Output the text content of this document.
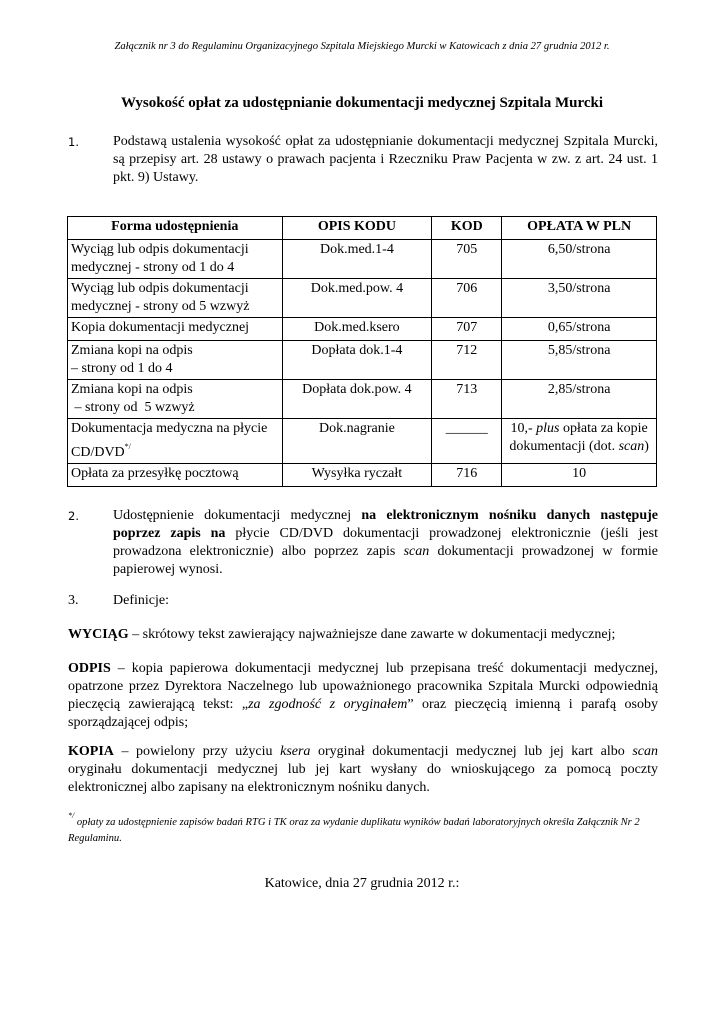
Załącznik nr 3 do Regulaminu Organizacyjnego Szpitala Miejskiego Murcki w Katowicach z dnia 27 grudnia 2012 r.
Wysokość opłat za udostępnianie dokumentacji medycznej Szpitala Murcki
1. Podstawą ustalenia wysokość opłat za udostępnianie dokumentacji medycznej Szpitala Murcki, są przepisy art. 28 ustawy o prawach pacjenta i Rzeczniku Praw Pacjenta w zw. z art. 24 ust. 1 pkt. 9) Ustawy.
Forma udostępnienia	OPIS KODU	KOD	OPŁATA W PLN
Wyciąg lub odpis dokumentacji
medycznej - strony od 1 do 4	Dok.med.1-4	705	6,50/strona
Wyciąg lub odpis dokumentacji
medycznej - strony od 5 wzwyż	Dok.med.pow. 4	706	3,50/strona
Kopia dokumentacji medycznej	Dok.med.ksero	707	0,65/strona
Zmiana kopi na odpis
– strony od 1 do 4	Dopłata dok.1-4	712	5,85/strona
Zmiana kopi na odpis
– strony od  5 wzwyż	Dopłata dok.pow. 4	713	2,85/strona
Dokumentacja medyczna na płycie
CD/DVD*/	Dok.nagranie	______	10,- plus opłata za kopie
dokumentacji (dot. scan)
Opłata za przesyłkę pocztową	Wysyłka ryczałt	716	10
2. Udostępnienie dokumentacji medycznej na elektronicznym nośniku danych następuje poprzez zapis na płycie CD/DVD dokumentacji prowadzonej elektronicznie (jeśli jest prowadzona elektronicznie) albo poprzez zapis scan dokumentacji prowadzonej w formie papierowej wynosi.
3. Definicje:
WYCIĄG – skrótowy tekst zawierający najważniejsze dane zawarte w dokumentacji medycznej;
ODPIS – kopia papierowa dokumentacji medycznej lub przepisana treść dokumentacji medycznej, opatrzone przez Dyrektora Naczelnego lub upoważnionego pracownika Szpitala Murcki odpowiednią pieczęcią zawierającą tekst: „za zgodność z oryginałem” oraz pieczęcią imienną i parafą osoby sporządzającej odpis;
KOPIA – powielony przy użyciu ksera oryginał dokumentacji medycznej lub jej kart albo scan oryginału dokumentacji medycznej lub jej kart wysłany do wnioskującego za pomocą poczty elektronicznej albo zapisany na elektronicznym nośniku danych.
*/ opłaty za udostępnienie zapisów badań RTG i TK oraz za wydanie duplikatu wyników badań laboratoryjnych określa Załącznik Nr 2 Regulaminu.
Katowice, dnia 27 grudnia 2012 r.:
